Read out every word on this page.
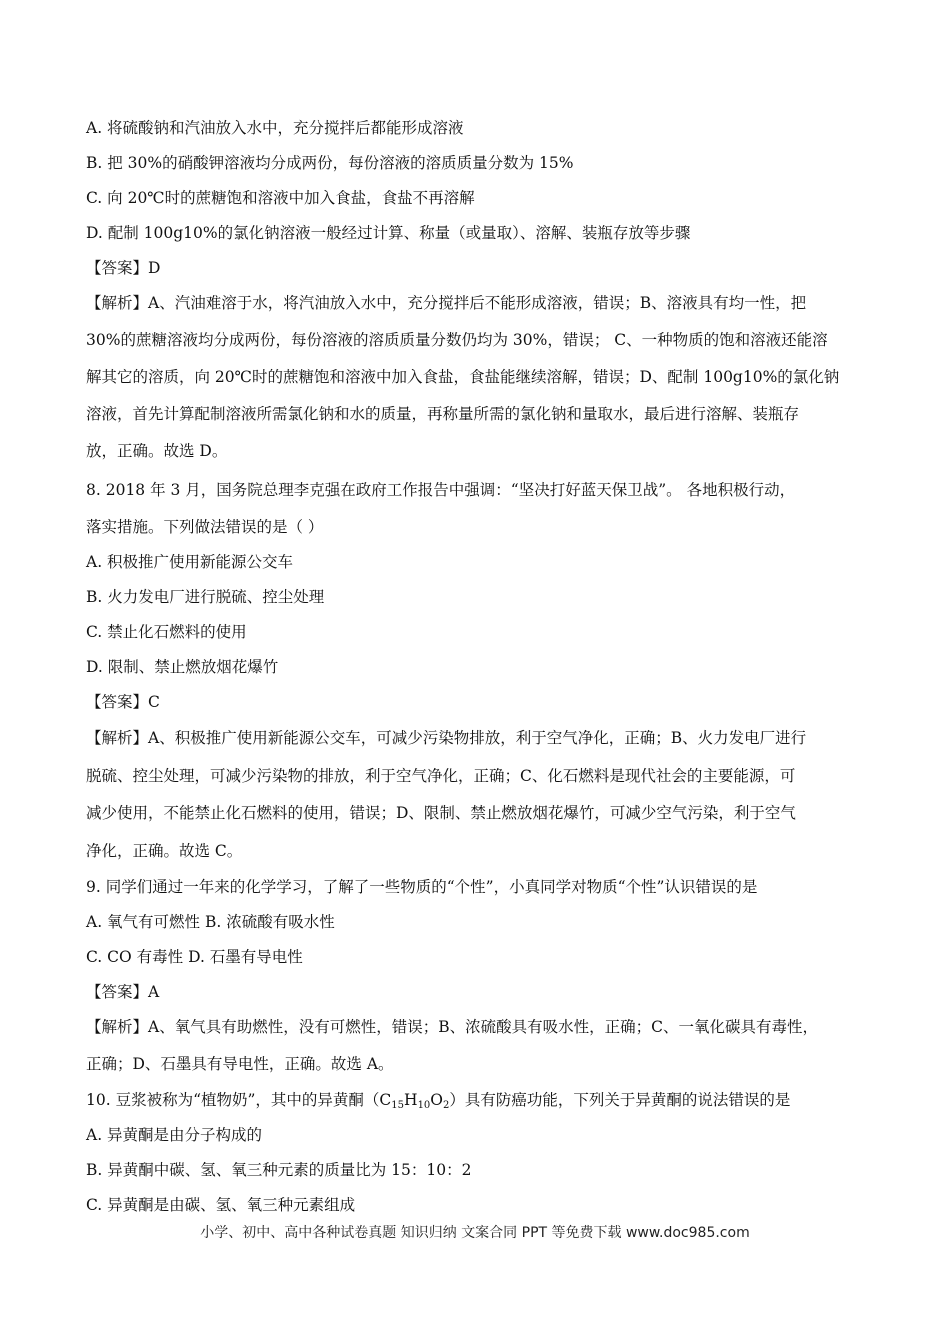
A. 将硫酸钠和汽油放入水中，充分搅拌后都能形成溶液
B. 把 30%的硝酸钾溶液均分成两份，每份溶液的溶质质量分数为 15%
C. 向 20℃时的蔗糖饱和溶液中加入食盐，食盐不再溶解
D. 配制 100g10%的氯化钠溶液一般经过计算、称量（或量取）、溶解、装瓶存放等步骤
【答案】D
【解析】A、汽油难溶于水，将汽油放入水中，充分搅拌后不能形成溶液，错误；B、溶液具有均一性，把
30%的蔗糖溶液均分成两份，每份溶液的溶质质量分数仍均为 30%，错误； C、一种物质的饱和溶液还能溶
解其它的溶质，向 20℃时的蔗糖饱和溶液中加入食盐，食盐能继续溶解，错误；D、配制 100g10%的氯化钠
溶液，首先计算配制溶液所需氯化钠和水的质量，再称量所需的氯化钠和量取水，最后进行溶解、装瓶存
放，正确。故选 D。
8. 2018 年 3 月，国务院总理李克强在政府工作报告中强调：“坚决打好蓝天保卫战”。 各地积极行动，
落实措施。下列做法错误的是（ ）
A. 积极推广使用新能源公交车
B. 火力发电厂进行脱硫、控尘处理
C. 禁止化石燃料的使用
D. 限制、禁止燃放烟花爆竹
【答案】C
【解析】A、积极推广使用新能源公交车，可减少污染物排放，利于空气净化，正确；B、火力发电厂进行
脱硫、控尘处理，可减少污染物的排放，利于空气净化，正确；C、化石燃料是现代社会的主要能源，可
减少使用，不能禁止化石燃料的使用，错误；D、限制、禁止燃放烟花爆竹，可减少空气污染，利于空气
净化，正确。故选 C。
9. 同学们通过一年来的化学学习，了解了一些物质的“个性”，小真同学对物质“个性”认识错误的是
A. 氧气有可燃性 B. 浓硫酸有吸水性
C. CO 有毒性 D. 石墨有导电性
【答案】A
【解析】A、氧气具有助燃性，没有可燃性，错误；B、浓硫酸具有吸水性，正确；C、一氧化碳具有毒性，
正确；D、石墨具有导电性，正确。故选 A。
10. 豆浆被称为“植物奶”，其中的异黄酮$(C_{15}H_{10}O_2)$具有防癌功能，下列关于异黄酮的说法错误的是
A. 异黄酮是由分子构成的
B. 异黄酮中碳、氢、氧三种元素的质量比为 15：10：2
C. 异黄酮是由碳、氢、氧三种元素组成
小学、初中、高中各种试卷真题 知识归纳 文案合同 PPT 等免费下载 www.doc985.com
